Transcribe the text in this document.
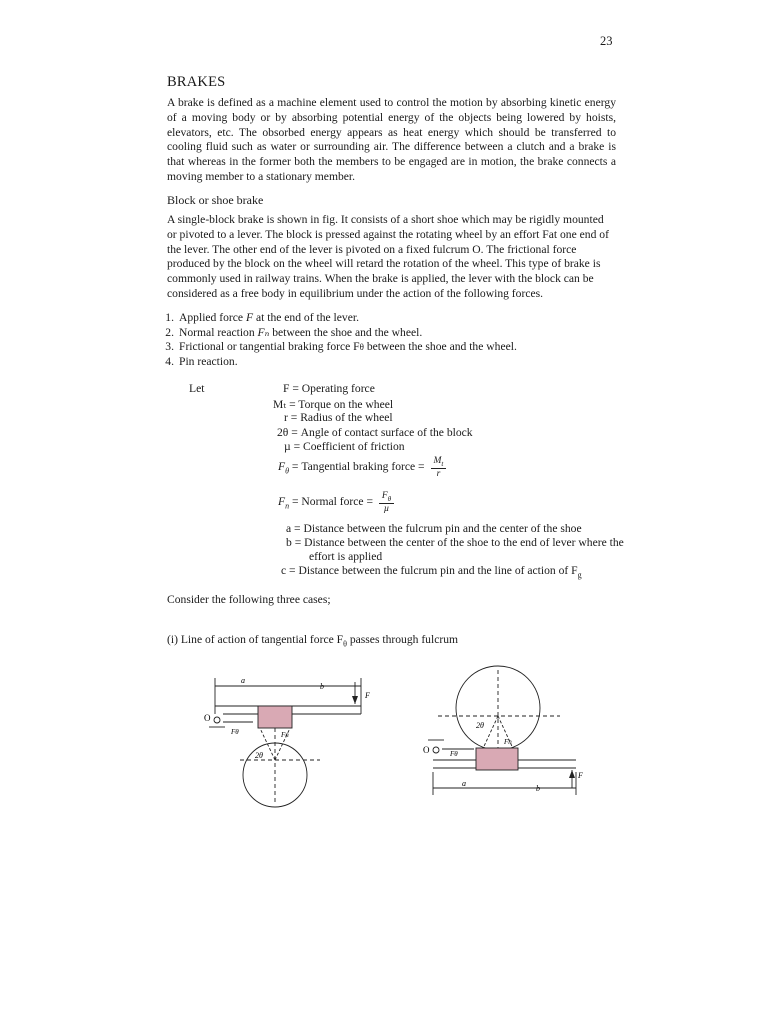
23
BRAKES
A brake is defined as a machine element used to control the motion by absorbing kinetic energy of a moving body or by absorbing potential energy of the objects being lowered by hoists, elevators, etc. The obsorbed energy appears as heat energy which should be transferred to cooling fluid such as water or surrounding air. The difference between a clutch and a brake is that whereas in the former both the members to be engaged are in motion, the brake connects a moving member to a stationary member.
Block or shoe brake
A single-block brake is shown in fig. It consists of a short shoe which may be rigidly mounted or pivoted to a lever. The block is pressed against the rotating wheel by an effort Fat one end of the lever. The other end of the lever is pivoted on a fixed fulcrum O. The frictional force produced by the block on the wheel will retard the rotation of the wheel. This type of brake is commonly used in railway trains. When the brake is applied, the lever with the block can be considered as a free body in equilibrium under the action of the following forces.
1. Applied force F at the end of the lever.
2. Normal reaction Fₙ between the shoe and the wheel.
3. Frictional or tangential braking force Fθ between the shoe and the wheel.
4. Pin reaction.
Let	F = Operating force
Mₜ = Torque on the wheel
r = Radius of the wheel
2θ = Angle of contact surface of the block
µ = Coefficient of friction
$F_\theta$ = Tangential braking force = $\frac{M_t}{r}$
$F_n$ = Normal force = $\frac{F_\theta}{\text{µ}}$
a = Distance between the fulcrum pin and the center of the shoe
b = Distance between the center of the shoe to the end of lever where the
effort is applied
c = Distance between the fulcrum pin and the line of action of $F_g$
Consider the following three cases;
(i) Line of action of tangential force $F_\theta$ passes through fulcrum
a
b
F
O
Fθ	Fn
2θ
O	Fθ
Fn
2θ
a
b
F
